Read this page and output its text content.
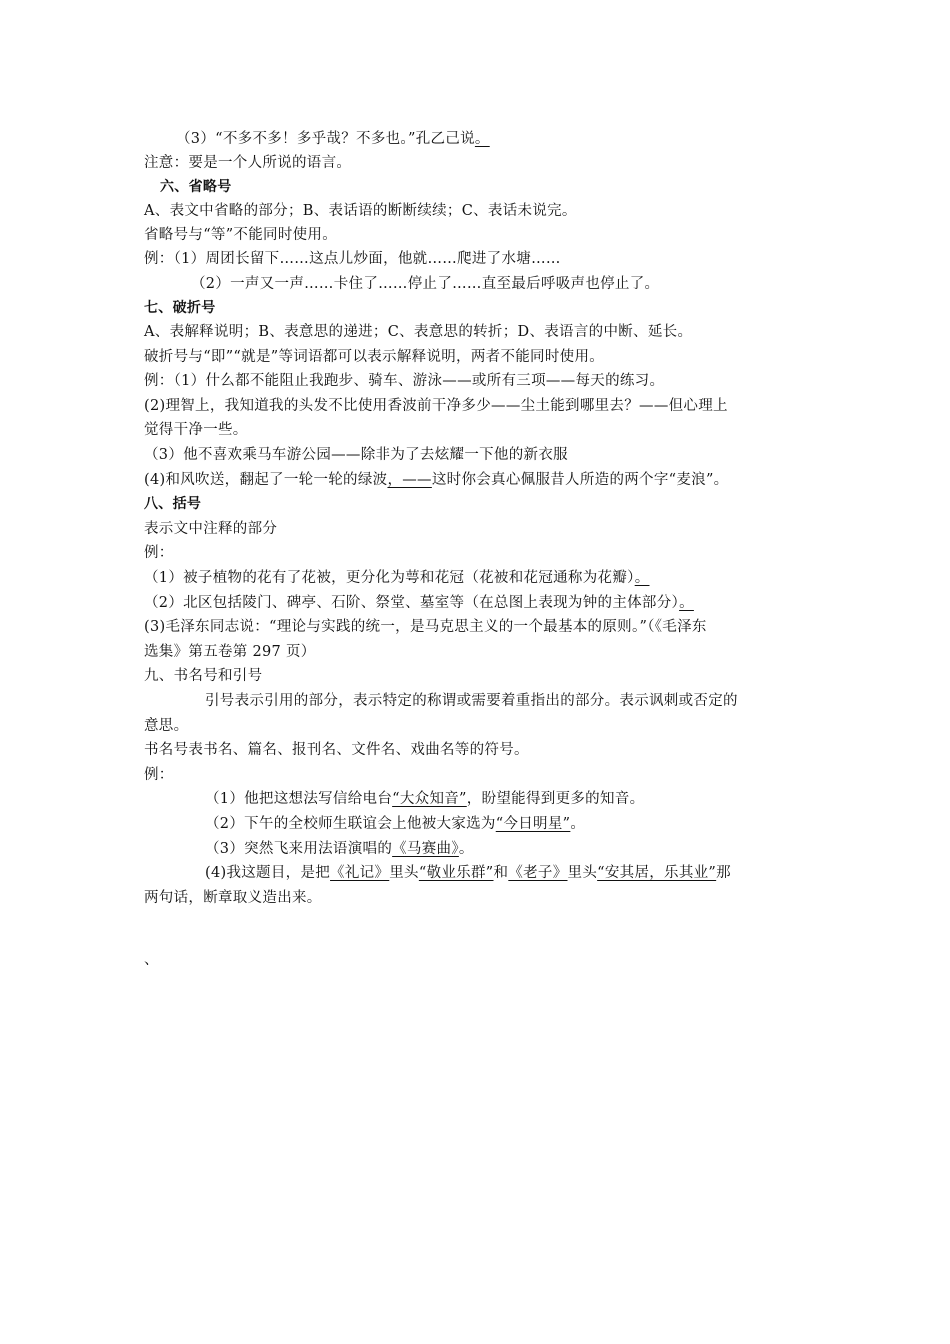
（3）“不多不多！多乎哉？不多也。”孔乙己说。
注意：要是一个人所说的语言。
六、省略号
A、表文中省略的部分；B、表话语的断断续续；C、表话未说完。
省略号与“等”不能同时使用。
例：（1）周团长留下……这点儿炒面，他就……爬进了水塘……
（2）一声又一声……卡住了……停止了……直至最后呼吸声也停止了。
七、破折号
A、表解释说明；B、表意思的递进；C、表意思的转折；D、表语言的中断、延长。
破折号与“即”“就是”等词语都可以表示解释说明，两者不能同时使用。
例：（1）什么都不能阻止我跑步、骑车、游泳——或所有三项——每天的练习。
(2)理智上，我知道我的头发不比使用香波前干净多少——尘土能到哪里去？——但心理上
觉得干净一些。
（3）他不喜欢乘马车游公园——除非为了去炫耀一下他的新衣服
(4)和风吹送，翻起了一轮一轮的绿波，——这时你会真心佩服昔人所造的两个字“麦浪”。
八、括号
表示文中注释的部分
例：
（1）被子植物的花有了花被，更分化为萼和花冠（花被和花冠通称为花瓣）。
（2）北区包括陵门、碑亭、石阶、祭堂、墓室等（在总图上表现为钟的主体部分）。
(3)毛泽东同志说：“理论与实践的统一，是马克思主义的一个最基本的原则。”（《毛泽东
选集》第五卷第 297 页）
九、书名号和引号
引号表示引用的部分，表示特定的称谓或需要着重指出的部分。表示讽刺或否定的
意思。
书名号表书名、篇名、报刊名、文件名、戏曲名等的符号。
例：
（1）他把这想法写信给电台“大众知音”，盼望能得到更多的知音。
（2）下午的全校师生联谊会上他被大家选为“今日明星”。
（3）突然飞来用法语演唱的《马赛曲》。
(4)我这题目，是把《礼记》里头“敬业乐群”和《老子》里头“安其居，乐其业”那
两句话，断章取义造出来。
、
